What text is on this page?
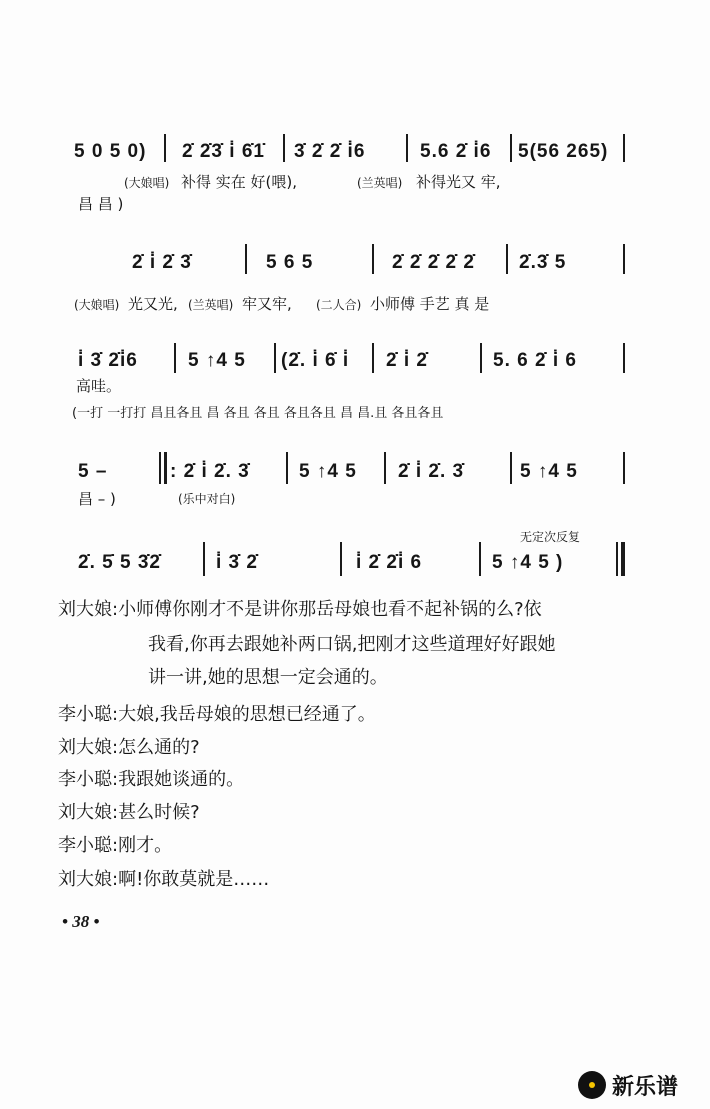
5 0 5 0) 2̇ 2̇3̇ i̇ 6̇1̇ 3̇ 2̇ 2̇ i̇6	5.6 2̇ i̇6 5(56 265)
(大娘唱) 补得 实在 好(喂),	(兰英唱) 补得光又 牢,
昌 昌 )
2̇ i̇ 2̇ 3̇	5 6 5	2̇ 2̇ 2̇ 2̇ 2̇ 2̇.3̇ 5
(大娘唱) 光又光, (兰英唱) 牢又牢, (二人合) 小师傅 手艺 真 是
i̇ 3̇ 2̇i̇6	5 ↑4 5 (2̇. i̇ 6̇ i̇ 2̇ i̇ 2̇	5. 6 2̇ i̇ 6
高哇。
(一打 一打打 昌且各且 昌 各且 各且 各且各且 昌 昌.且 各且各且
5 –	: 2̇ i̇ 2̇. 3̇	5 ↑4 5 2̇ i̇ 2̇. 3̇	5 ↑4 5
昌 – )	(乐中对白)
无定次反复
2̇. 5̇ 5 3̇2̇	i̇ 3̇ 2̇	i̇ 2̇ 2̇i̇ 6	5 ↑4 5 )
刘大娘:小师傅你刚才不是讲你那岳母娘也看不起补锅的么?依
我看,你再去跟她补两口锅,把刚才这些道理好好跟她
讲一讲,她的思想一定会通的。
李小聪:大娘,我岳母娘的思想已经通了。
刘大娘:怎么通的?
李小聪:我跟她谈通的。
刘大娘:甚么时候?
李小聪:刚才。
刘大娘:啊!你敢莫就是……
• 38 •
新乐谱
